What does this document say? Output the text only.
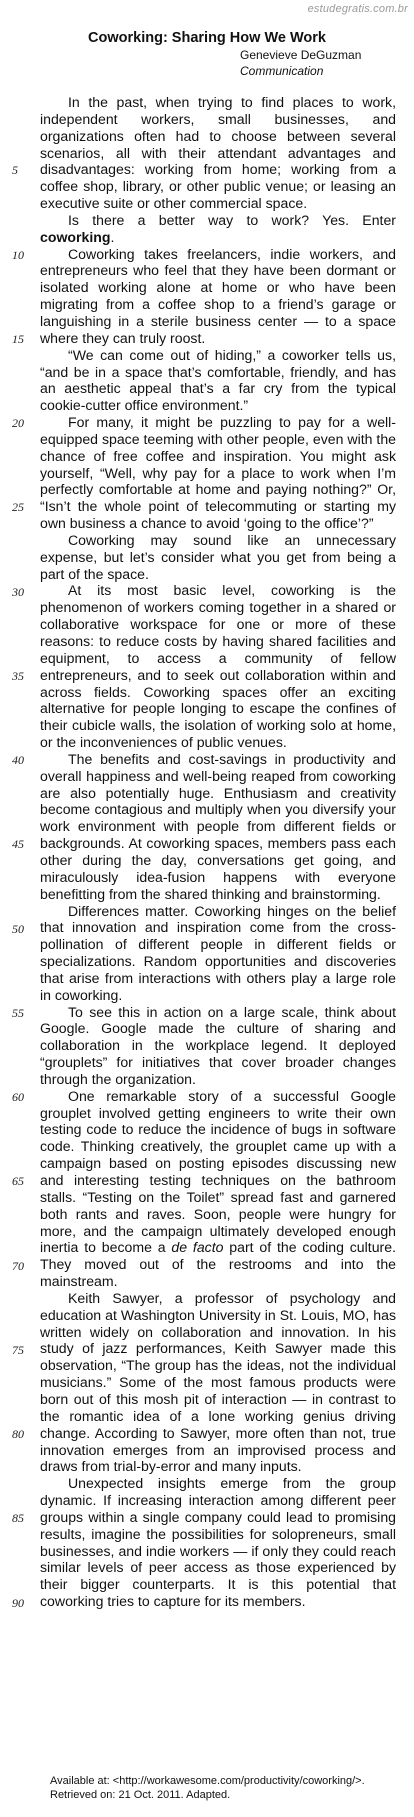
estudegratis.com.br
Coworking: Sharing How We Work
Genevieve DeGuzman
Communication
5
10
15
20
25
30
35
40
45
50
55
60
65
70
75
80
85
90

In the past, when trying to find places to work, independent workers, small businesses, and organizations often had to choose between several scenarios, all with their attendant advantages and disadvantages: working from home; working from a coffee shop, library, or other public venue; or leasing an executive suite or other commercial space.

Is there a better way to work? Yes. Enter coworking.

Coworking takes freelancers, indie workers, and entrepreneurs who feel that they have been dormant or isolated working alone at home or who have been migrating from a coffee shop to a friend’s garage or languishing in a sterile business center — to a space where they can truly roost.

“We can come out of hiding,” a coworker tells us, “and be in a space that’s comfortable, friendly, and has an aesthetic appeal that’s a far cry from the typical cookie-cutter office environment.”

For many, it might be puzzling to pay for a well-equipped space teeming with other people, even with the chance of free coffee and inspiration. You might ask yourself, “Well, why pay for a place to work when I’m perfectly comfortable at home and paying nothing?” Or, “Isn’t the whole point of telecommuting or starting my own business a chance to avoid ‘going to the office’?”

Coworking may sound like an unnecessary expense, but let’s consider what you get from being a part of the space.

At its most basic level, coworking is the phenomenon of workers coming together in a shared or collaborative workspace for one or more of these reasons: to reduce costs by having shared facilities and equipment, to access a community of fellow entrepreneurs, and to seek out collaboration within and across fields. Coworking spaces offer an exciting alternative for people longing to escape the confines of their cubicle walls, the isolation of working solo at home, or the inconveniences of public venues.

The benefits and cost-savings in productivity and overall happiness and well-being reaped from coworking are also potentially huge. Enthusiasm and creativity become contagious and multiply when you diversify your work environment with people from different fields or backgrounds. At coworking spaces, members pass each other during the day, conversations get going, and miraculously idea-fusion happens with everyone benefitting from the shared thinking and brainstorming.

Differences matter. Coworking hinges on the belief that innovation and inspiration come from the cross-pollination of different people in different fields or specializations. Random opportunities and discoveries that arise from interactions with others play a large role in coworking.

To see this in action on a large scale, think about Google. Google made the culture of sharing and collaboration in the workplace legend. It deployed “grouplets” for initiatives that cover broader changes through the organization.

One remarkable story of a successful Google grouplet involved getting engineers to write their own testing code to reduce the incidence of bugs in software code. Thinking creatively, the grouplet came up with a campaign based on posting episodes discussing new and interesting testing techniques on the bathroom stalls. “Testing on the Toilet” spread fast and garnered both rants and raves. Soon, people were hungry for more, and the campaign ultimately developed enough inertia to become a de facto part of the coding culture. They moved out of the restrooms and into the mainstream.

Keith Sawyer, a professor of psychology and education at Washington University in St. Louis, MO, has written widely on collaboration and innovation. In his study of jazz performances, Keith Sawyer made this observation, “The group has the ideas, not the individual musicians.” Some of the most famous products were born out of this mosh pit of interaction — in contrast to the romantic idea of a lone working genius driving change. According to Sawyer, more often than not, true innovation emerges from an improvised process and draws from trial-by-error and many inputs.

Unexpected insights emerge from the group dynamic. If increasing interaction among different peer groups within a single company could lead to promising results, imagine the possibilities for solopreneurs, small businesses, and indie workers — if only they could reach similar levels of peer access as those experienced by their bigger counterparts. It is this potential that coworking tries to capture for its members.

Available at: <http://workawesome.com/productivity/coworking/>.
Retrieved on: 21 Oct. 2011. Adapted.
